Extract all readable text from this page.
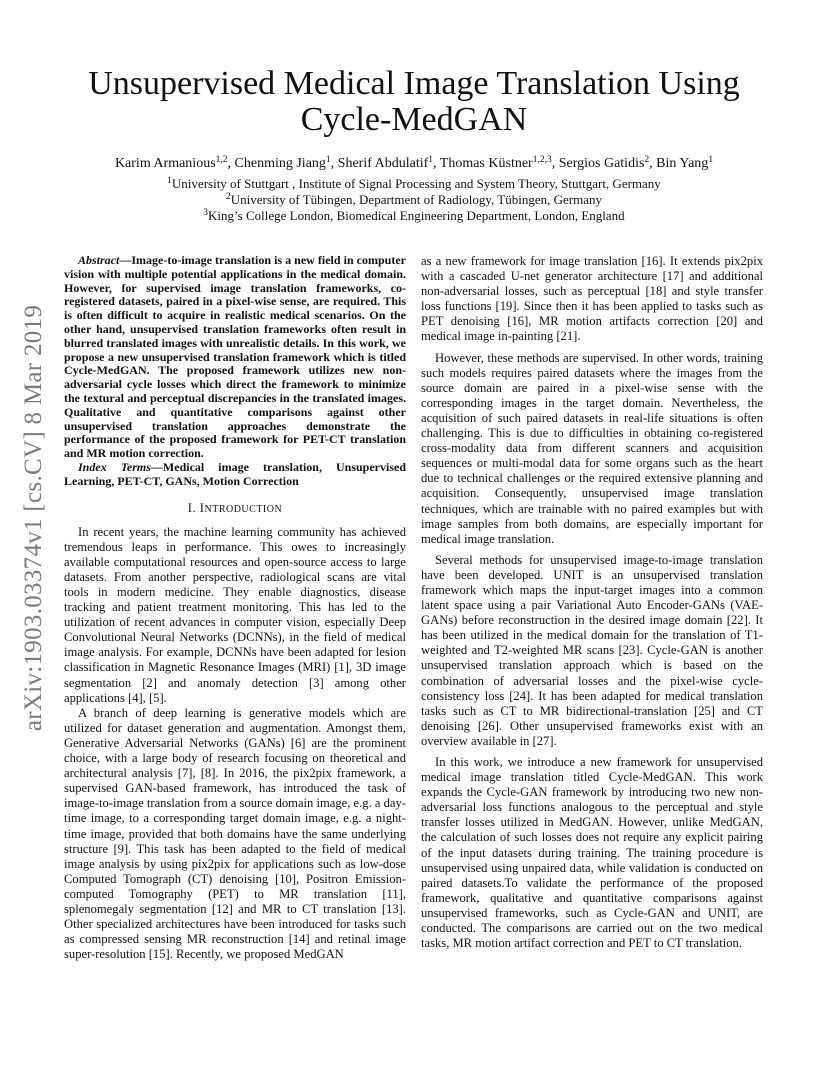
arXiv:1903.03374v1 [cs.CV] 8 Mar 2019
Unsupervised Medical Image Translation Using
Cycle-MedGAN
Karim Armanious$^{1,2}$, Chenming Jiang$^1$, Sherif Abdulatif$^1$, Thomas Küstner$^{1,2,3}$, Sergios Gatidis$^2$, Bin Yang$^1$
$^1$University of Stuttgart , Institute of Signal Processing and System Theory, Stuttgart, Germany
$^2$University of Tübingen, Department of Radiology, Tübingen, Germany
$^3$King’s College London, Biomedical Engineering Department, London, England

Abstract—Image-to-image translation is a new field in computer vision with multiple potential applications in the medical domain. However, for supervised image translation frameworks, co-registered datasets, paired in a pixel-wise sense, are required. This is often difficult to acquire in realistic medical scenarios. On the other hand, unsupervised translation frameworks often result in blurred translated images with unrealistic details. In this work, we propose a new unsupervised translation framework which is titled Cycle-MedGAN. The proposed framework utilizes new non-adversarial cycle losses which direct the framework to minimize the textural and perceptual discrepancies in the translated images. Qualitative and quantitative comparisons against other unsupervised translation approaches demonstrate the performance of the proposed framework for PET-CT translation and MR motion correction.

Index Terms—Medical image translation, Unsupervised Learning, PET-CT, GANs, Motion Correction

I. INTRODUCTION

In recent years, the machine learning community has achieved tremendous leaps in performance. This owes to increasingly available computational resources and open-source access to large datasets. From another perspective, radiological scans are vital tools in modern medicine. They enable diagnostics, disease tracking and patient treatment monitoring. This has led to the utilization of recent advances in computer vision, especially Deep Convolutional Neural Networks (DCNNs), in the field of medical image analysis. For example, DCNNs have been adapted for lesion classification in Magnetic Resonance Images (MRI) [1], 3D image segmentation [2] and anomaly detection [3] among other applications [4], [5].

A branch of deep learning is generative models which are utilized for dataset generation and augmentation. Amongst them, Generative Adversarial Networks (GANs) [6] are the prominent choice, with a large body of research focusing on theoretical and architectural analysis [7], [8]. In 2016, the pix2pix framework, a supervised GAN-based framework, has introduced the task of image-to-image translation from a source domain image, e.g. a day-time image, to a corresponding target domain image, e.g. a night-time image, provided that both domains have the same underlying structure [9]. This task has been adapted to the field of medical image analysis by using pix2pix for applications such as low-dose Computed Tomograph (CT) denoising [10], Positron Emission-computed Tomography (PET) to MR translation [11], splenomegaly segmentation [12] and MR to CT translation [13]. Other specialized architectures have been introduced for tasks such as compressed sensing MR reconstruction [14] and retinal image super-resolution [15]. Recently, we proposed MedGAN

as a new framework for image translation [16]. It extends pix2pix with a cascaded U-net generator architecture [17] and additional non-adversarial losses, such as perceptual [18] and style transfer loss functions [19]. Since then it has been applied to tasks such as PET denoising [16], MR motion artifacts correction [20] and medical image in-painting [21].

However, these methods are supervised. In other words, training such models requires paired datasets where the images from the source domain are paired in a pixel-wise sense with the corresponding images in the target domain. Nevertheless, the acquisition of such paired datasets in real-life situations is often challenging. This is due to difficulties in obtaining co-registered cross-modality data from different scanners and acquisition sequences or multi-modal data for some organs such as the heart due to technical challenges or the required extensive planning and acquisition. Consequently, unsupervised image translation techniques, which are trainable with no paired examples but with image samples from both domains, are especially important for medical image translation.

Several methods for unsupervised image-to-image translation have been developed. UNIT is an unsupervised translation framework which maps the input-target images into a common latent space using a pair Variational Auto Encoder-GANs (VAE-GANs) before reconstruction in the desired image domain [22]. It has been utilized in the medical domain for the translation of T1-weighted and T2-weighted MR scans [23]. Cycle-GAN is another unsupervised translation approach which is based on the combination of adversarial losses and the pixel-wise cycle-consistency loss [24]. It has been adapted for medical translation tasks such as CT to MR bidirectional-translation [25] and CT denoising [26]. Other unsupervised frameworks exist with an overview available in [27].

In this work, we introduce a new framework for unsupervised medical image translation titled Cycle-MedGAN. This work expands the Cycle-GAN framework by introducing two new non-adversarial loss functions analogous to the perceptual and style transfer losses utilized in MedGAN. However, unlike MedGAN, the calculation of such losses does not require any explicit pairing of the input datasets during training. The training procedure is unsupervised using unpaired data, while validation is conducted on paired datasets.To validate the performance of the proposed framework, qualitative and quantitative comparisons against unsupervised frameworks, such as Cycle-GAN and UNIT, are conducted. The comparisons are carried out on the two medical tasks, MR motion artifact correction and PET to CT translation.
